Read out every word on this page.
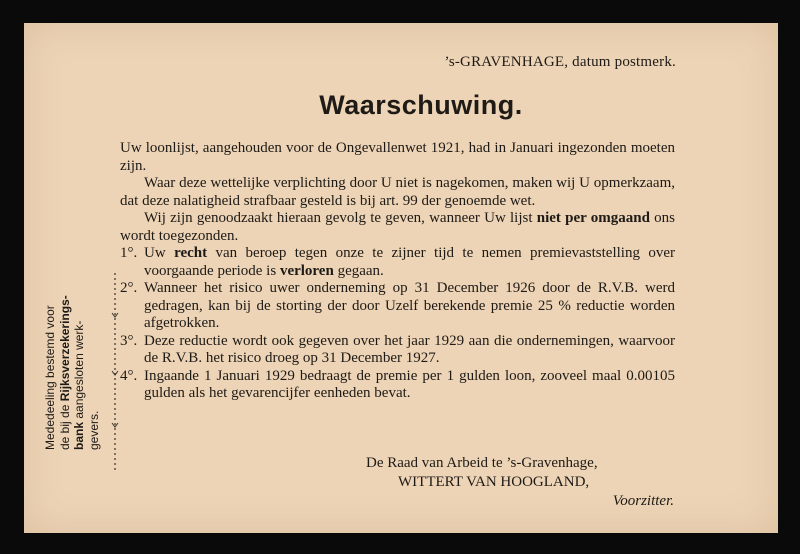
’s-GRAVENHAGE, datum postmerk.
Waarschuwing.
Mededeeling bestemd voor de bij de Rijksverzekerings-
bank aangesloten werk-
gevers.

Uw loonlijst, aangehouden voor de Ongevallenwet 1921, had in Januari ingezonden moeten zijn.

Waar deze wettelijke verplichting door U niet is nagekomen, maken wij U opmerkzaam, dat deze nalatigheid strafbaar gesteld is bij art. 99 der genoemde wet.

Wij zijn genoodzaakt hieraan gevolg te geven, wanneer Uw lijst niet per omgaand ons wordt toegezonden.

1°. Uw recht van beroep tegen onze te zijner tijd te nemen premievaststelling over voorgaande periode is verloren gegaan.
2°. Wanneer het risico uwer onderneming op 31 December 1926 door de R.V.B. werd gedragen, kan bij de storting der door Uzelf berekende premie 25 % reductie worden afgetrokken.
3°. Deze reductie wordt ook gegeven over het jaar 1929 aan die ondernemingen, waarvoor de R.V.B. het risico droeg op 31 December 1927.
4°. Ingaande 1 Januari 1929 bedraagt de premie per 1 gulden loon, zooveel maal 0.00105 gulden als het gevarencijfer eenheden bevat.
De Raad van Arbeid te ’s-Gravenhage,
WITTERT VAN HOOGLAND,
Voorzitter.
